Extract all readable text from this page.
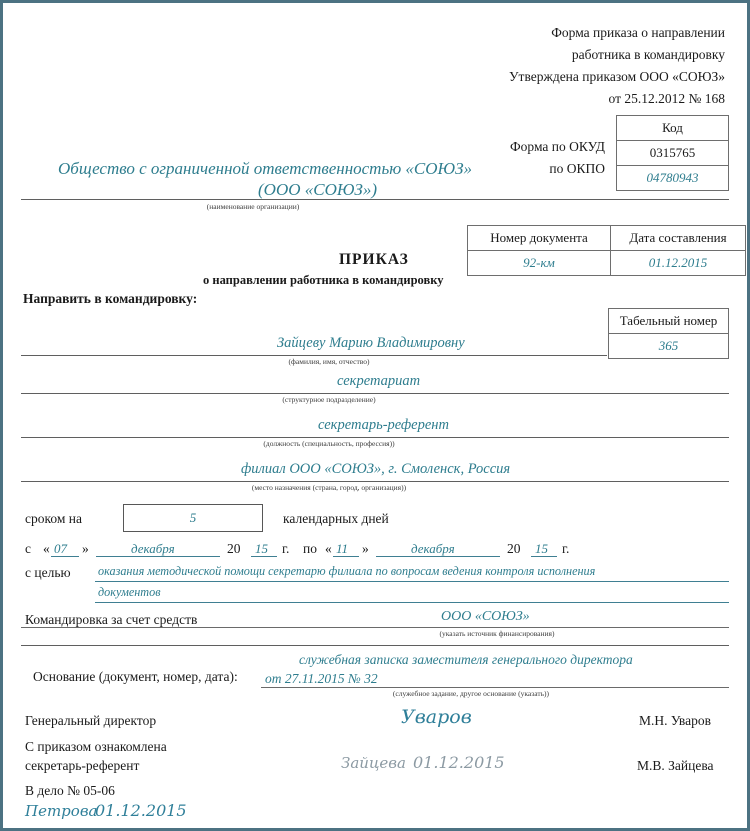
Форма приказа о направлении
работника в командировку
Утверждена приказом ООО «СОЮЗ»
от 25.12.2012 № 168
Код
0315765
04780943
Форма по ОКУД
по ОКПО
Общество с ограниченной ответственностью «СОЮЗ»
(ООО «СОЮЗ»)
(наименование организации)
ПРИКАЗ
о направлении работника в командировку
Номер документа	Дата составления
92-км	01.12.2015
Направить в командировку:
Табельный номер
365
Зайцеву Марию Владимировну
(фамилия, имя, отчество)
секретариат
(структурное подразделение)
секретарь-референт
(должность (специальность, профессия))
филиал ООО «СОЮЗ», г. Смоленск, Россия
(место назначения (страна, город, организация))
сроком на	5	календарных дней
с « 07 »	декабря	20 15 г. по « 11 »	декабря	20 15 г.
с целью оказания методической помощи секретарю филиала по вопросам ведения контроля исполнения
документов
Командировка за счет средств	ООО «СОЮЗ»
(указать источник финансирования)
Основание (документ, номер, дата):
служебная записка заместителя генерального директора
от 27.11.2015 № 32
(служебное задание, другое основание (указать))
Генеральный директор	Уваров	М.Н. Уваров
С приказом ознакомлена
секретарь-референт	Зайцева 01.12.2015	М.В. Зайцева
В дело № 05-06
Петрова
01.12.2015
